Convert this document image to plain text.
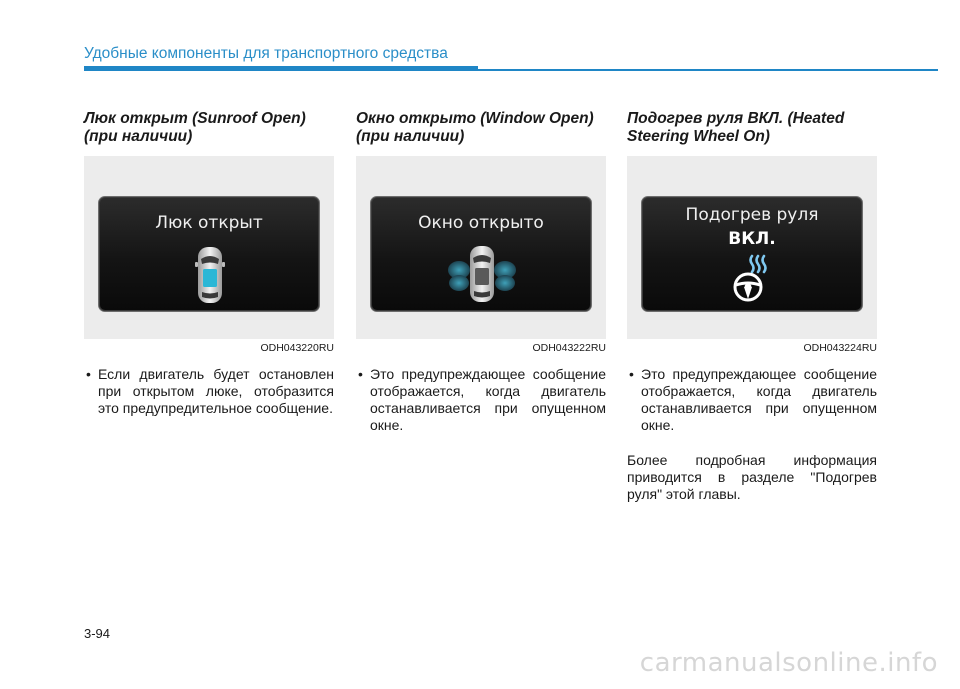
Удобные компоненты для транспортного средства
Люк открыт (Sunroof Open)
(при наличии)
Люк открыт
ODH043220RU
• Если двигатель будет остановлен при открытом люке, отобразится это предупредительное сообщение.
Окно открыто (Window Open)
(при наличии)
Окно открыто
ODH043222RU
• Это предупреждающее сообщение отображается, когда двигатель останавливается при опущенном окне.
Подогрев руля ВКЛ. (Heated
Steering Wheel On)
Подогрев руля
ВКЛ.
ODH043224RU
• Это предупреждающее сообщение отображается, когда двигатель останавливается при опущенном окне.
Более подробная информация приводится в разделе "Подогрев руля" этой главы.
3-94
carmanualsonline.info
